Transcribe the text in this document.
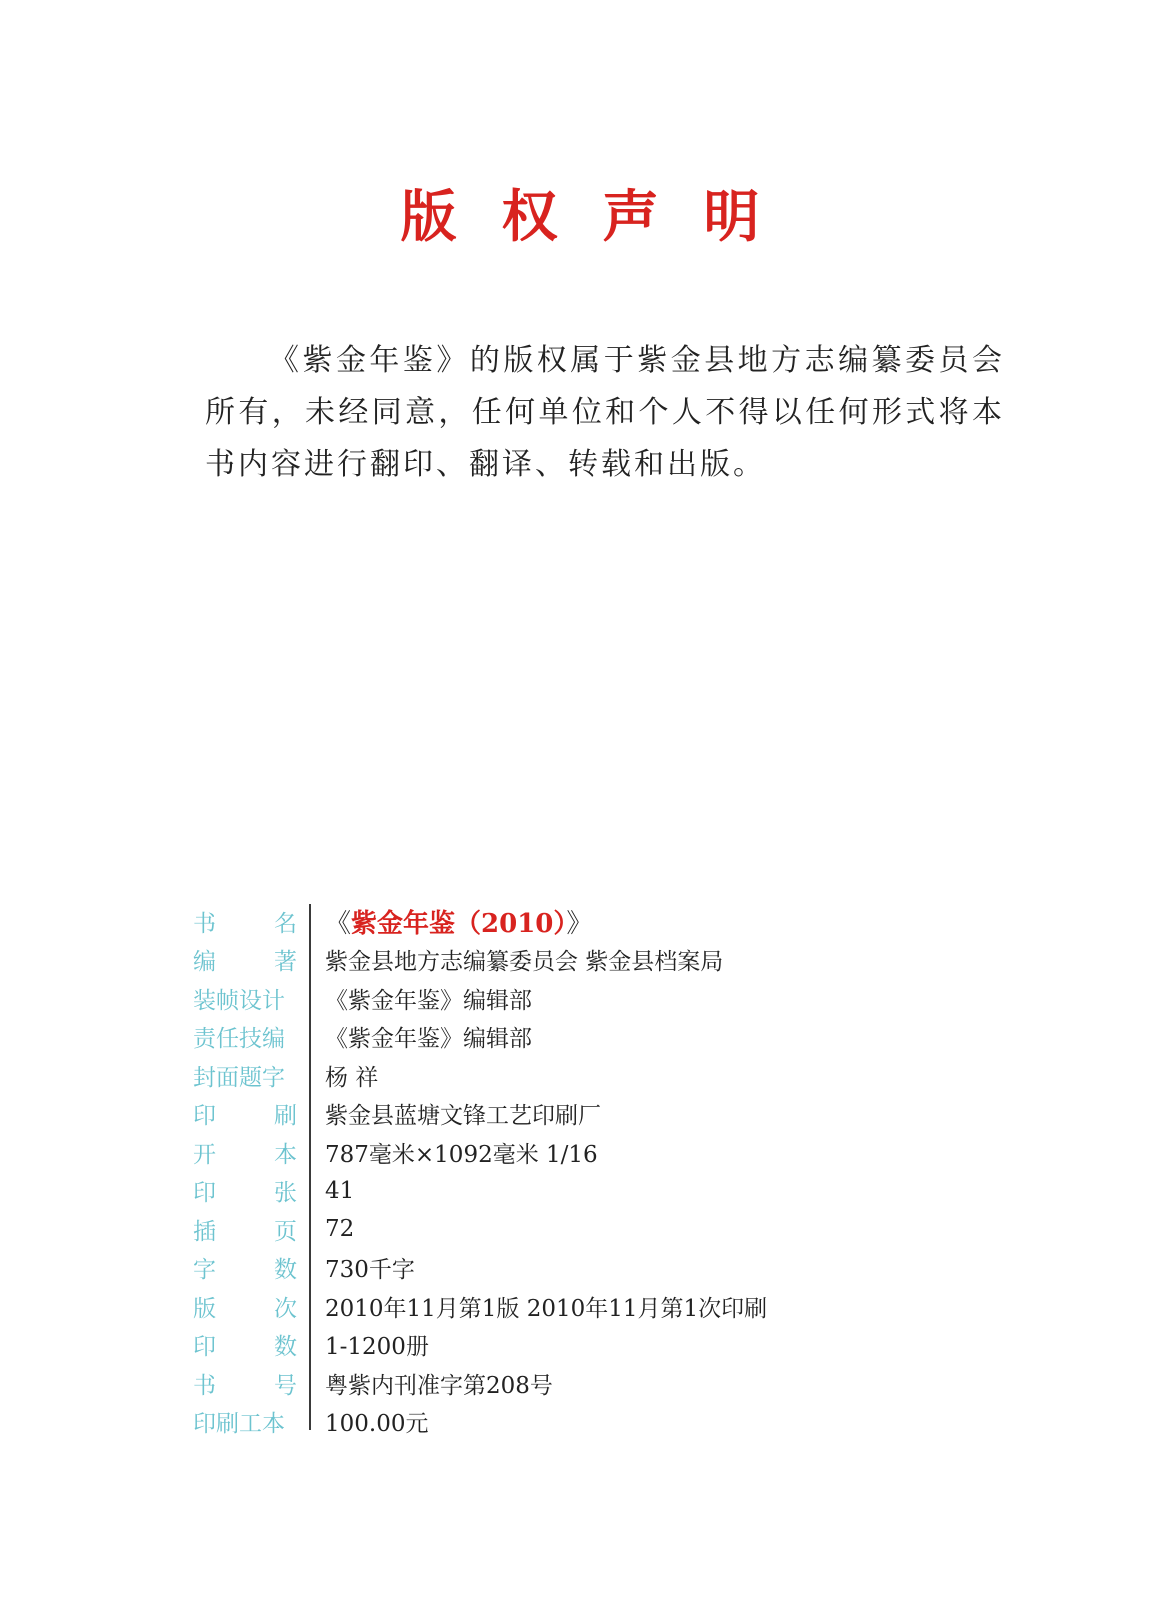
版权声明

《紫金年鉴》的版权属于紫金县地方志编纂委员会所有，未经同意，任何单位和个人不得以任何形式将本书内容进行翻印、翻译、转载和出版。

书	名 《紫金年鉴（2010）》
编	著 紫金县地方志编纂委员会 紫金县档案局
装帧设计	《紫金年鉴》编辑部
责任技编	《紫金年鉴》编辑部
封面题字	杨 祥
印	刷 紫金县蓝塘文锋工艺印刷厂
开	本 787毫米×1092毫米 1/16
印	张 41
插	页 72
字	数 730千字
版	次 2010年11月第1版 2010年11月第1次印刷
印	数 1-1200册
书	号 粤紫内刊准字第208号
印刷工本	100.00元
